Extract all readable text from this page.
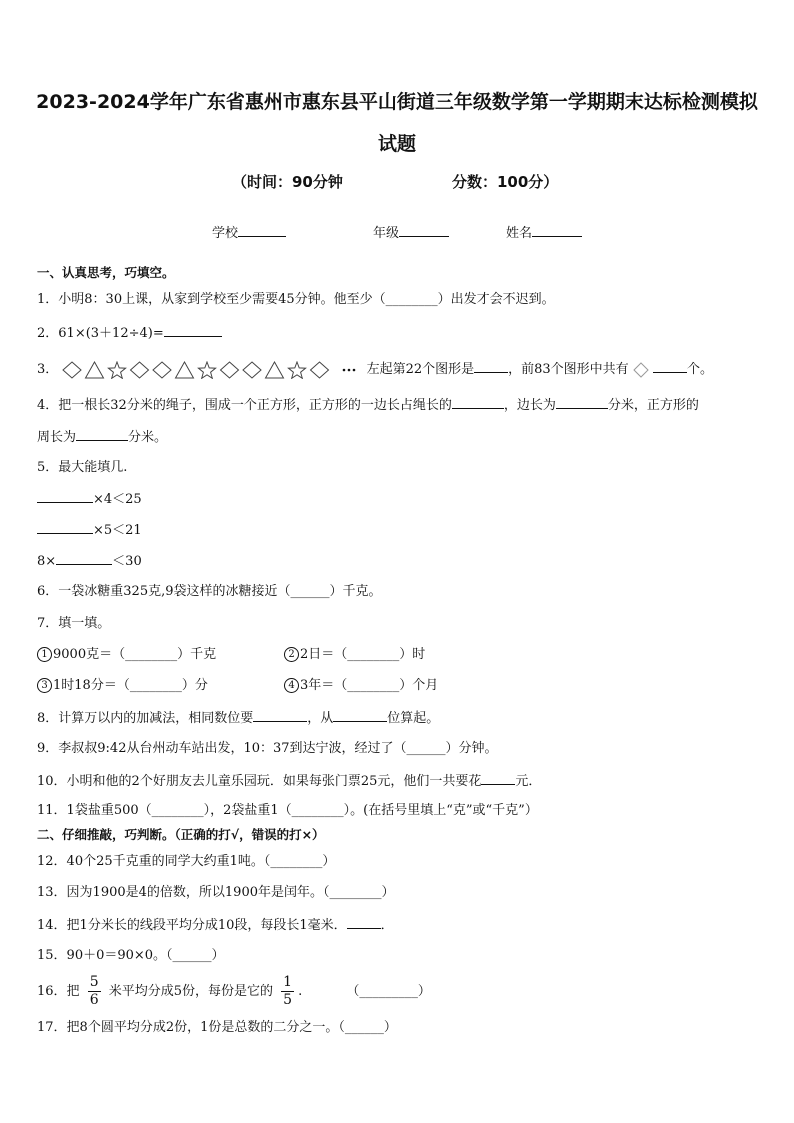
2023-2024学年广东省惠州市惠东县平山街道三年级数学第一学期期末达标检测模拟
试题
（时间：90分钟	分数：100分）
学校	年级	姓名
一、认真思考，巧填空。
1．小明8：30上课，从家到学校至少需要45分钟。他至少（________）出发才会不迟到。
2．61×(3＋12÷4)=
3．	左起第22个图形是	，前83个图形中共有	个。
4．把一根长32分米的绳子，围成一个正方形，正方形的一边长占绳长的	，边长为	分米，正方形的
周长为	分米。
5．最大能填几.
×4＜25
×5＜21
8×	＜30
6．一袋冰糖重325克,9袋这样的冰糖接近（______）千克。
7．填一填。
1 9000克＝（________）千克	2 2日＝（________）时
3 1时18分＝（________）分	4 3年＝（________）个月
8．计算万以内的加减法，相同数位要	，从	位算起。
9．李叔叔9:42从台州动车站出发，10：37到达宁波，经过了（______）分钟。
10．小明和他的2个好朋友去儿童乐园玩．如果每张门票25元，他们一共要花	元．
11．1袋盐重500（________），2袋盐重1（________）。(在括号里填上“克”或“千克”）
二、仔细推敲，巧判断。（正确的打√，错误的打×）
12．40个25千克重的同学大约重1吨。（________）
13．因为1900是4的倍数，所以1900年是闰年。（________）
14．把1分米长的线段平均分成10段，每段长1毫米．	．
15．90＋0＝90×0。（______）
16．把 $\frac{5}{6}$ 米平均分成5份，每份是它的 $\frac{1}{5}$ .	（_________）
17．把8个圆平均分成2份，1份是总数的二分之一。（______）
